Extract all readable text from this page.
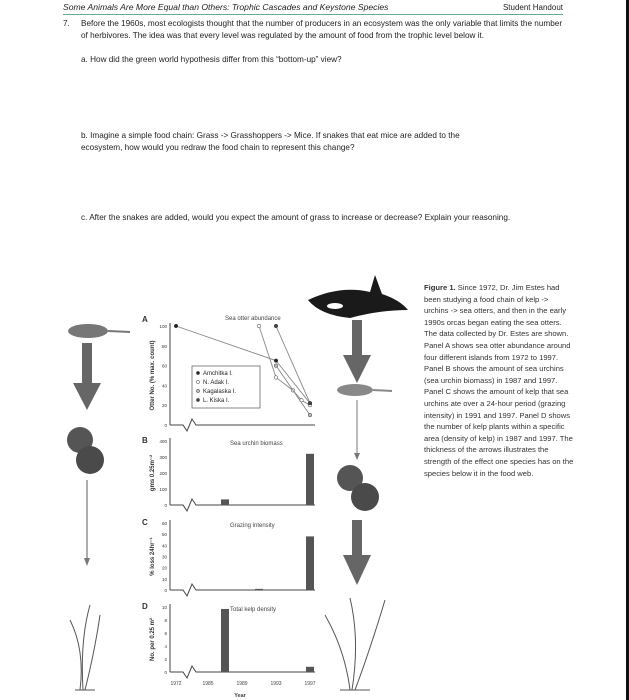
Some Animals Are More Equal than Others: Trophic Cascades and Keystone Species	Student Handout
7. Before the 1960s, most ecologists thought that the number of producers in an ecosystem was the only variable that limits the number of herbivores. The idea was that every level was regulated by the amount of food from the trophic level below it.
a. How did the green world hypothesis differ from this “bottom-up” view?
b. Imagine a simple food chain: Grass -> Grasshoppers -> Mice. If snakes that eat mice are added to the ecosystem, how would you redraw the food chain to represent this change?
c. After the snakes are added, would you expect the amount of grass to increase or decrease? Explain your reasoning.
Figure 1. Since 1972, Dr. Jim Estes had been studying a food chain of kelp -> urchins -> sea otters, and then in the early 1990s orcas began eating the sea otters. The data collected by Dr. Estes are shown. Panel A shows sea otter abundance around four different islands from 1972 to 1997. Panel B shows the amount of sea urchins (sea urchin biomass) in 1987 and 1997. Panel C shows the amount of kelp that sea urchins ate over a 24-hour period (grazing intensity) in 1991 and 1997. Panel D shows the number of kelp plants within a specific area (density of kelp) in 1987 and 1997. The thickness of the arrows illustrates the strength of the effect one species has on the species below it in the food web.
A	Sea otter abundance
Otter No. (% max. count)
0
20
40
60
80
100
Amchitka I.
N. Adak I.
Kagalaska I.
L. Kiska I.
B	Sea urchin biomass
gms 0.25m⁻²
0
100
200
300
400
C	Grazing intensity
% loss 24hr⁻¹
0
10
20
30
40
50
60
D	Total kelp density
No. per 0.25 m²
0
2
4
6
8
10
1972	1985	1989	1993	1997
Year
